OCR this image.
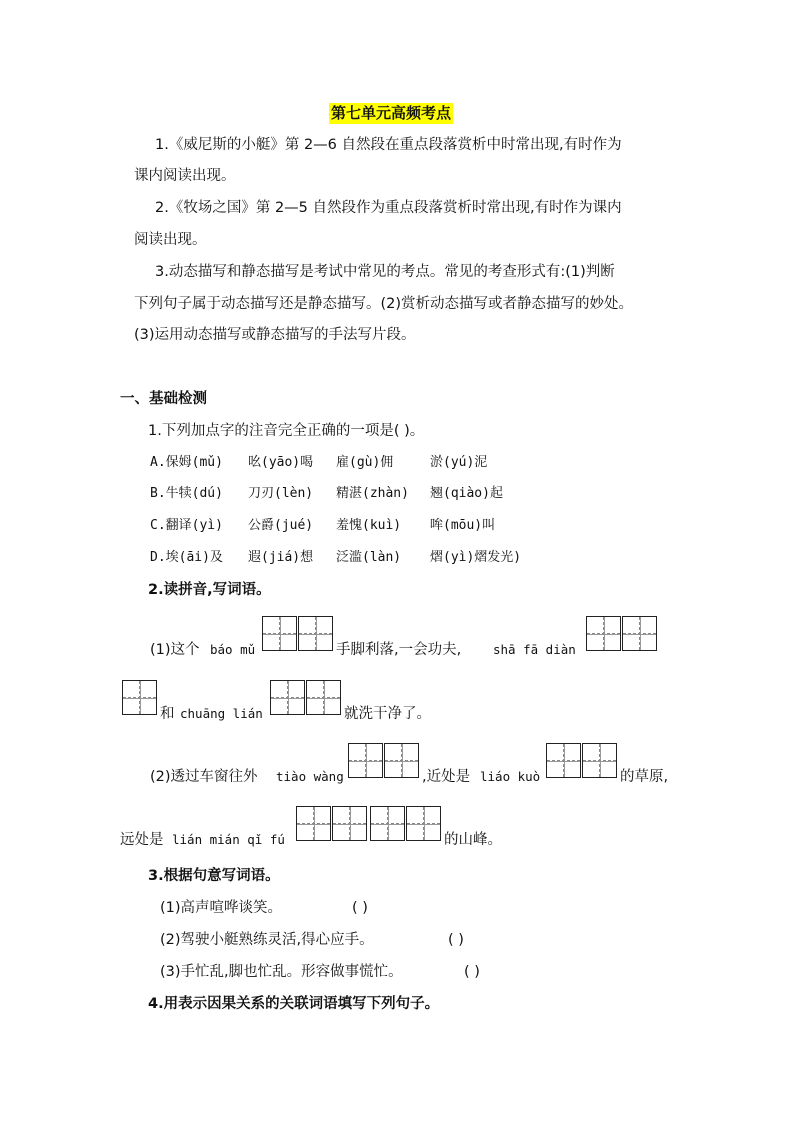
第七单元高频考点
1.《威尼斯的小艇》第 2—6 自然段在重点段落赏析中时常出现,有时作为
课内阅读出现。
2.《牧场之国》第 2—5 自然段作为重点段落赏析时常出现,有时作为课内
阅读出现。
3.动态描写和静态描写是考试中常见的考点。常见的考查形式有:(1)判断
下列句子属于动态描写还是静态描写。(2)赏析动态描写或者静态描写的妙处。
(3)运用动态描写或静态描写的手法写片段。
一、基础检测
1.下列加点字的注音完全正确的一项是( )。
A.保姆(mǔ) 吆(yāo)喝 雇(gù)佣	淤(yú)泥
B.牛犊(dú) 刀刃(lèn) 精湛(zhàn) 翘(qiào)起
C.翻译(yì) 公爵(jué) 羞愧(kuì) 哞(mōu)叫
D.埃(āi)及 遐(jiá)想 泛滥(làn) 熠(yì)熠发光)
2.读拼音,写词语。
(1)这个 báo mǔ	手脚利落,一会功夫,	shā fā diàn
和 chuāng lián	就洗干净了。
(2)透过车窗往外 tiào wàng	,近处是 liáo kuò	的草原,
远处是 lián mián qǐ fú	的山峰。
3.根据句意写词语。
(1)高声喧哗谈笑。	( )
(2)驾驶小艇熟练灵活,得心应手。	( )
(3)手忙乱,脚也忙乱。形容做事慌忙。	( )
4.用表示因果关系的关联词语填写下列句子。
